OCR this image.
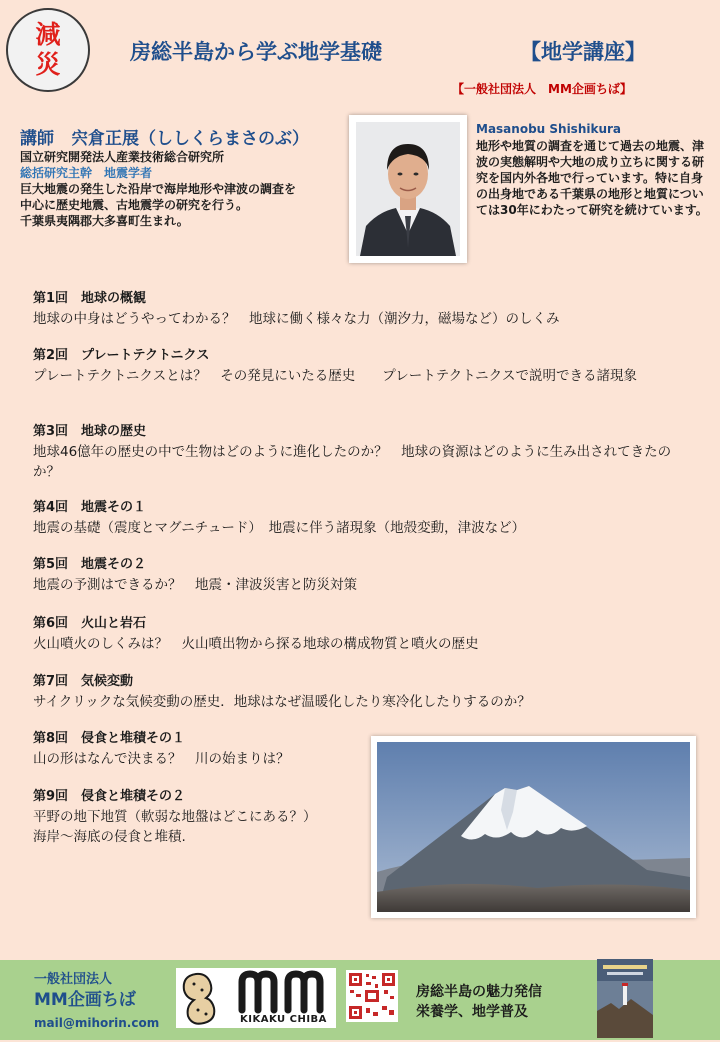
減
災	房総半島から学ぶ地学基礎	【地学講座】
【一般社団法人　MM企画ちば】
講師　宍倉正展（ししくらまさのぶ）
国立研究開発法人産業技術総合研究所
総括研究主幹　地震学者
巨大地震の発生した沿岸で海岸地形や津波の調査を
中心に歴史地震、古地震学の研究を行う。
千葉県夷隅郡大多喜町生まれ。
Masanobu Shishikura
地形や地質の調査を通じて過去の地震、津波の実態解明や大地の成り立ちに関する研究を国内外各地で行っています。特に自身の出身地である千葉県の地形と地質については30年にわたって研究を続けています。
第1回　地球の概観
地球の中身はどうやってわかる？　地球に働く様々な力（潮汐力，磁場など）のしくみ
第2回　プレートテクトニクス
プレートテクトニクスとは？　その発見にいたる歴史　　プレートテクトニクスで説明できる諸現象
第3回　地球の歴史
地球46億年の歴史の中で生物はどのように進化したのか？　地球の資源はどのように生み出されてきたのか？
第4回　地震その１
地震の基礎（震度とマグニチュード）　地震に伴う諸現象（地殻変動，津波など）
第5回　地震その２
地震の予測はできるか？　地震・津波災害と防災対策
第6回　火山と岩石
火山噴火のしくみは？　火山噴出物から探る地球の構成物質と噴火の歴史
第7回　気候変動
サイクリックな気候変動の歴史．地球はなぜ温暖化したり寒冷化したりするのか？
第8回　侵食と堆積その１
山の形はなんで決まる？　川の始まりは？
第9回　侵食と堆積その２
平野の地下地質（軟弱な地盤はどこにある？）
海岸～海底の侵食と堆積.
一般社団法人
MM企画ちば
mail@mihorin.com	KIKAKU CHIBA
房総半島の魅力発信
栄養学、地学普及
